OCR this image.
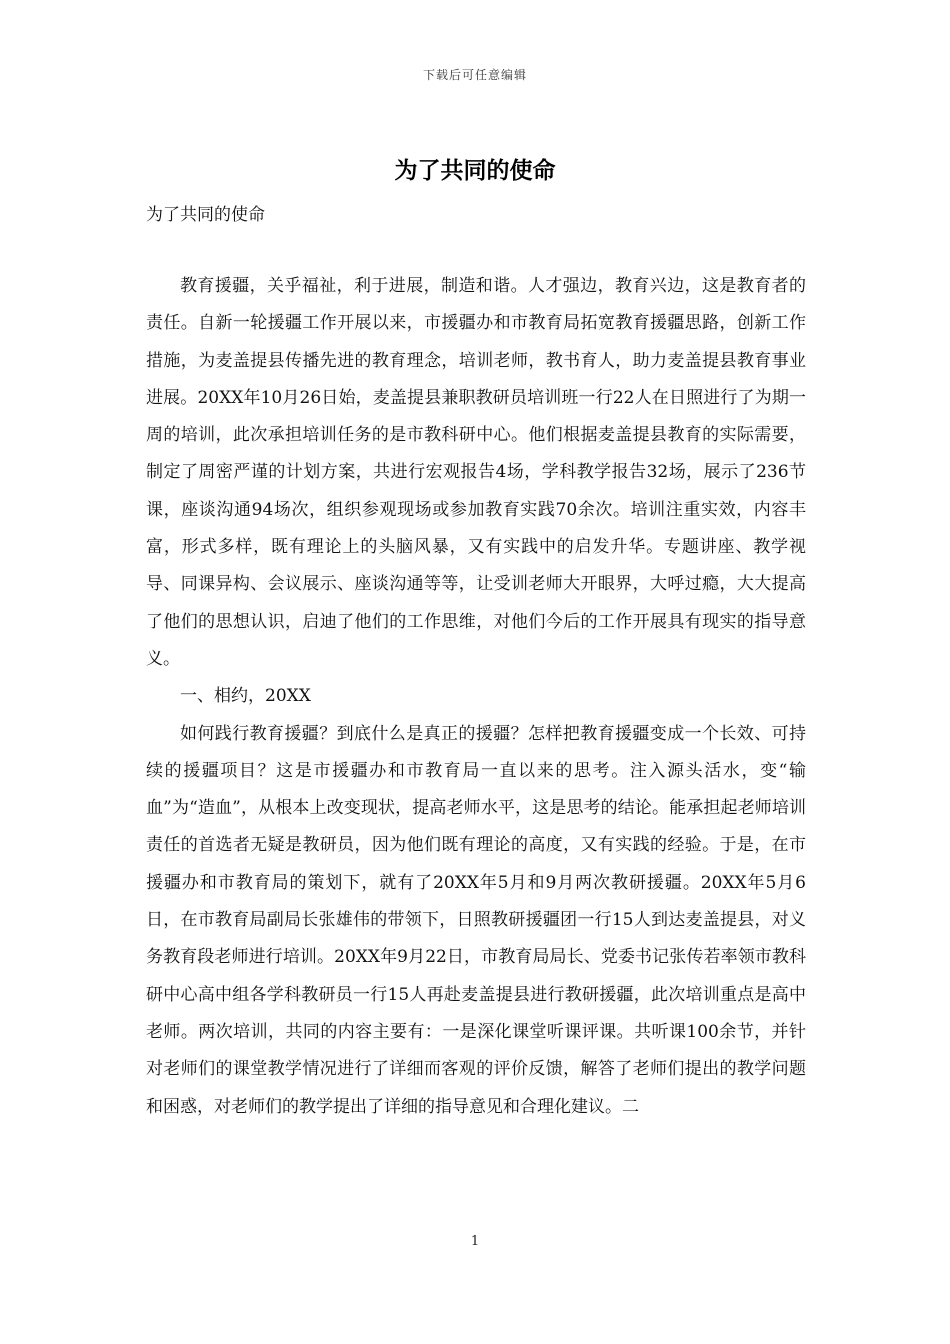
下载后可任意编辑
为了共同的使命

为了共同的使命

教育援疆，关乎福祉，利于进展，制造和谐。人才强边，教育兴边，这是教育者的责任。自新一轮援疆工作开展以来，市援疆办和市教育局拓宽教育援疆思路，创新工作措施，为麦盖提县传播先进的教育理念，培训老师，教书育人，助力麦盖提县教育事业进展。20XX年10月26日始，麦盖提县兼职教研员培训班一行22人在日照进行了为期一周的培训，此次承担培训任务的是市教科研中心。他们根据麦盖提县教育的实际需要，制定了周密严谨的计划方案，共进行宏观报告4场，学科教学报告32场，展示了236节课，座谈沟通94场次，组织参观现场或参加教育实践70余次。培训注重实效，内容丰富，形式多样，既有理论上的头脑风暴，又有实践中的启发升华。专题讲座、教学视导、同课异构、会议展示、座谈沟通等等，让受训老师大开眼界，大呼过瘾，大大提高了他们的思想认识，启迪了他们的工作思维，对他们今后的工作开展具有现实的指导意义。

一、相约，20XX

如何践行教育援疆？到底什么是真正的援疆？怎样把教育援疆变成一个长效、可持续的援疆项目？这是市援疆办和市教育局一直以来的思考。注入源头活水，变“输血”为“造血”，从根本上改变现状，提高老师水平，这是思考的结论。能承担起老师培训责任的首选者无疑是教研员，因为他们既有理论的高度，又有实践的经验。于是，在市援疆办和市教育局的策划下，就有了20XX年5月和9月两次教研援疆。20XX年5月6日，在市教育局副局长张雄伟的带领下，日照教研援疆团一行15人到达麦盖提县，对义务教育段老师进行培训。20XX年9月22日，市教育局局长、党委书记张传若率领市教科研中心高中组各学科教研员一行15人再赴麦盖提县进行教研援疆，此次培训重点是高中老师。两次培训，共同的内容主要有：一是深化课堂听课评课。共听课100余节，并针对老师们的课堂教学情况进行了详细而客观的评价反馈，解答了老师们提出的教学问题和困惑，对老师们的教学提出了详细的指导意见和合理化建议。二

1
